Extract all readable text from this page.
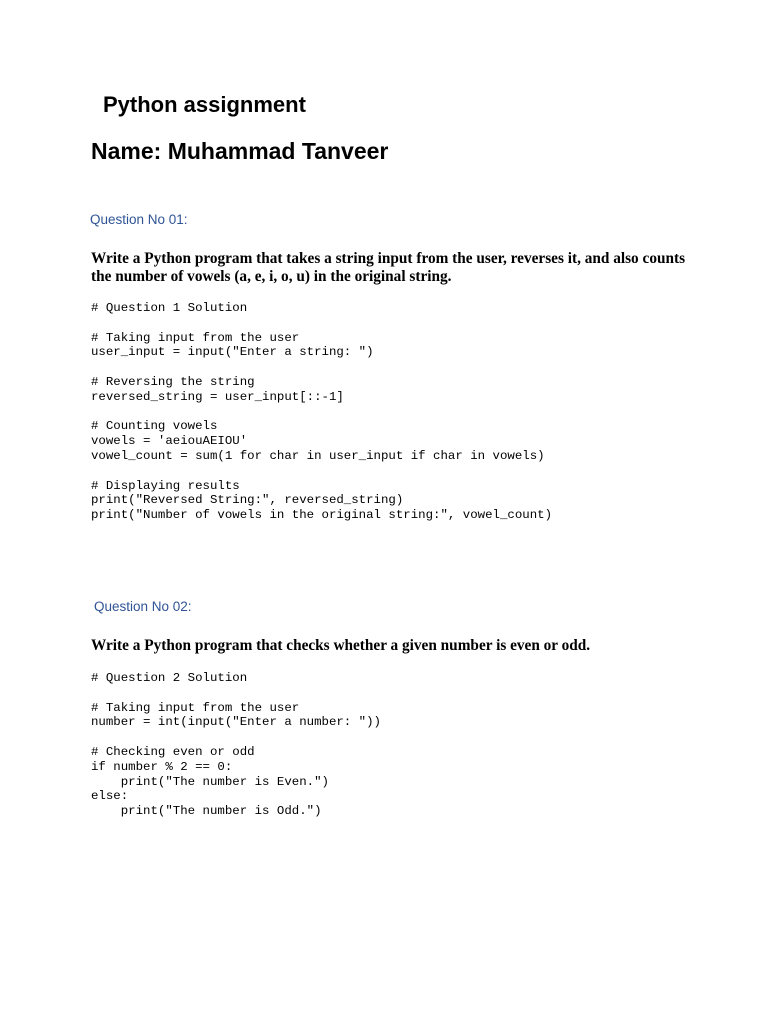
Python assignment
Name: Muhammad Tanveer
Question No 01:

Write a Python program that takes a string input from the user, reverses it, and also counts the number of vowels (a, e, i, o, u) in the original string.

# Question 1 Solution
# Taking input from the user
user_input = input("Enter a string: ")
# Reversing the string
reversed_string = user_input[::-1]
# Counting vowels
vowels = 'aeiouAEIOU'
vowel_count = sum(1 for char in user_input if char in vowels)
# Displaying results
print("Reversed String:", reversed_string)
print("Number of vowels in the original string:", vowel_count)
Question No 02:

Write a Python program that checks whether a given number is even or odd.

# Question 2 Solution
# Taking input from the user
number = int(input("Enter a number: "))
# Checking even or odd
if number % 2 == 0:
print("The number is Even.")
else:
print("The number is Odd.")
